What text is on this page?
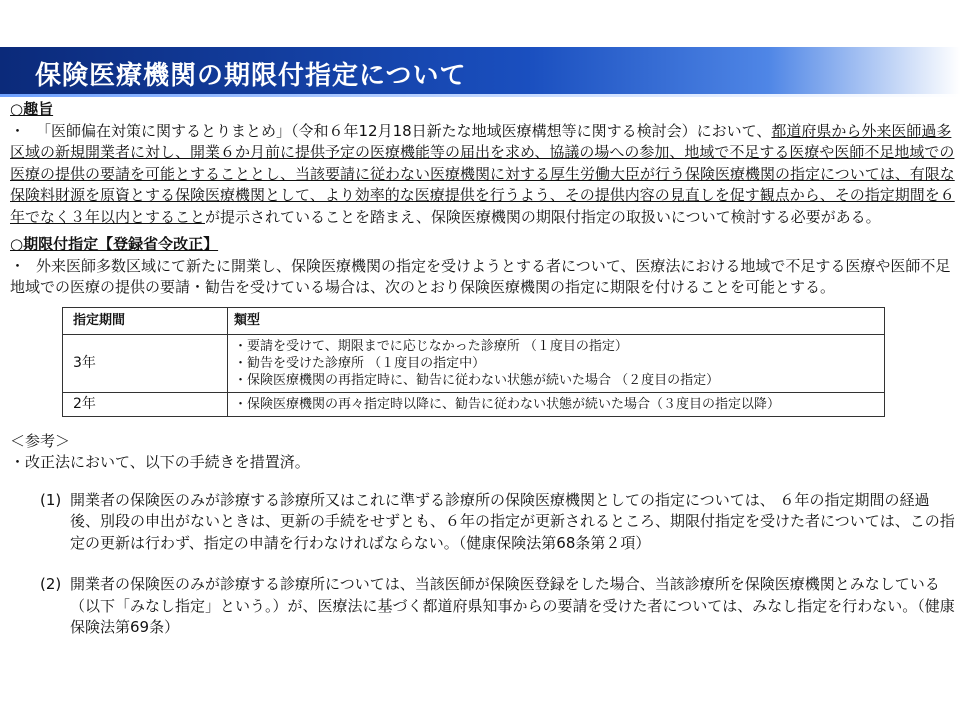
保険医療機関の期限付指定について

○趣旨

・ 「医師偏在対策に関するとりまとめ」（令和６年12月18日新たな地域医療構想等に関する検討会）において、都道府県から外来医師過多区域の新規開業者に対し、開業６か月前に提供予定の医療機能等の届出を求め、協議の場への参加、地域で不足する医療や医師不足地域での医療の提供の要請を可能とすることとし、当該要請に従わない医療機関に対する厚生労働大臣が行う保険医療機関の指定については、有限な保険料財源を原資とする保険医療機関として、より効率的な医療提供を行うよう、その提供内容の見直しを促す観点から、その指定期間を６年でなく３年以内とすることが提示されていることを踏まえ、保険医療機関の期限付指定の取扱いについて検討する必要がある。

○期限付指定【登録省令改正】

・ 外来医師多数区域にて新たに開業し、保険医療機関の指定を受けようとする者について、医療法における地域で不足する医療や医師不足地域での医療の提供の要請・勧告を受けている場合は、次のとおり保険医療機関の指定に期限を付けることを可能とする。

指定期間	類型
3年	・要請を受けて、期限までに応じなかった診療所 （１度目の指定）
・勧告を受けた診療所 （１度目の指定中）
・保険医療機関の再指定時に、勧告に従わない状態が続いた場合 （２度目の指定）

2年	・保険医療機関の再々指定時以降に、勧告に従わない状態が続いた場合（３度目の指定以降）

＜参考＞

・改正法において、以下の手続きを措置済。

(1) 開業者の保険医のみが診療する診療所又はこれに準ずる診療所の保険医療機関としての指定については、 ６年の指定期間の経過後、別段の申出がないときは、更新の手続をせずとも、６年の指定が更新されるところ、期限付指定を受けた者については、この指定の更新は行わず、指定の申請を行わなければならない。（健康保険法第68条第２項）

(2) 開業者の保険医のみが診療する診療所については、当該医師が保険医登録をした場合、当該診療所を保険医療機関とみなしている（以下「みなし指定」という。）が、医療法に基づく都道府県知事からの要請を受けた者については、みなし指定を行わない。（健康保険法第69条）
